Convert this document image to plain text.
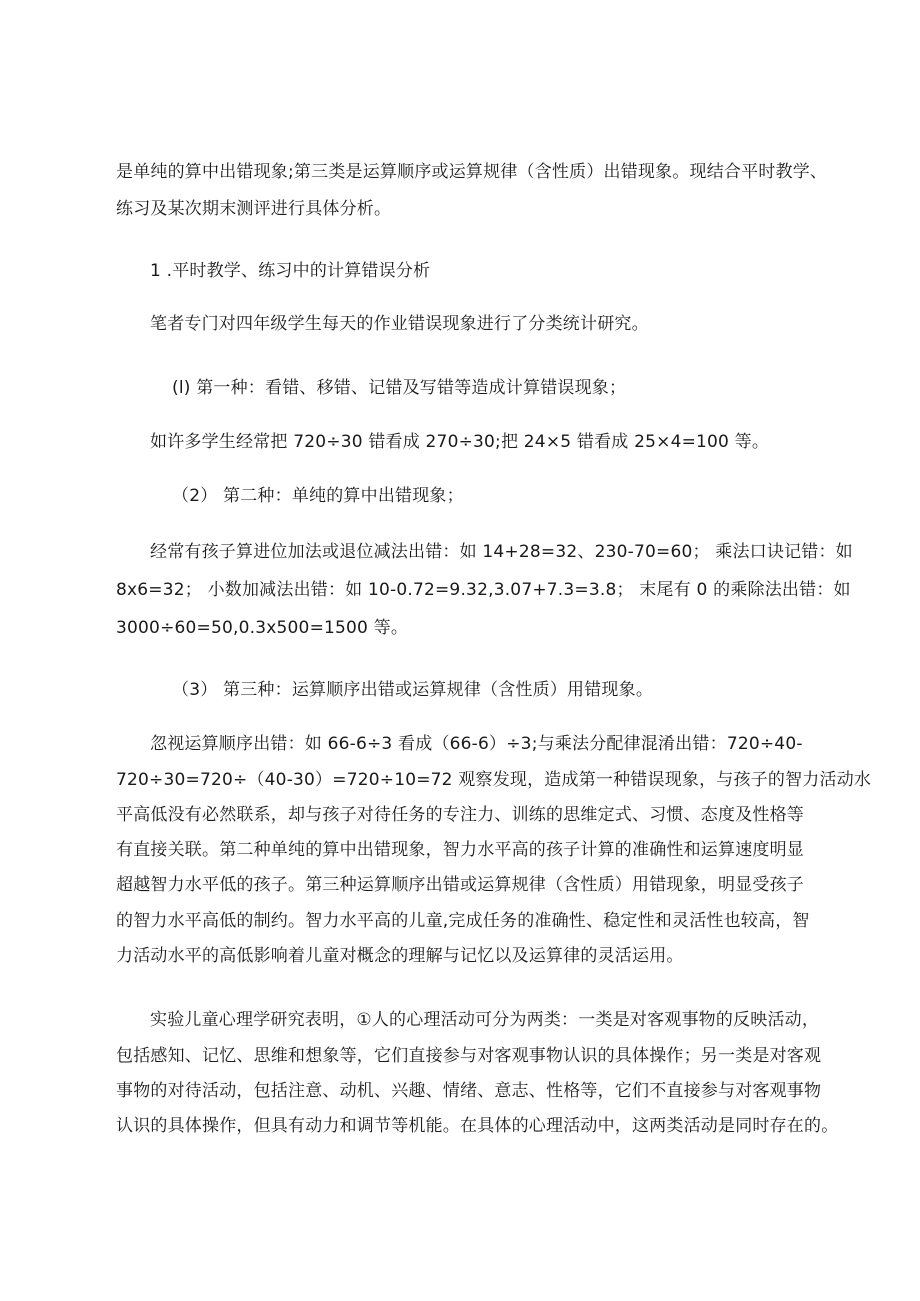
是单纯的算中出错现象;第三类是运算顺序或运算规律（含性质）出错现象。现结合平时教学、
练习及某次期末测评进行具体分析。
1 .平时教学、练习中的计算错误分析
笔者专门对四年级学生每天的作业错误现象进行了分类统计研究。
(l) 第一种：看错、移错、记错及写错等造成计算错误现象；
如许多学生经常把 720÷30 错看成 270÷30;把 24×5 错看成 25×4=100 等。
（2） 第二种：单纯的算中出错现象；
经常有孩子算进位加法或退位减法出错：如 14+28=32、230-70=60； 乘法口诀记错：如
8x6=32； 小数加减法出错：如 10-0.72=9.32,3.07+7.3=3.8； 末尾有 0 的乘除法出错：如
3000÷60=50,0.3x500=1500 等。
（3） 第三种：运算顺序出错或运算规律（含性质）用错现象。
忽视运算顺序出错：如 66-6÷3 看成（66-6）÷3;与乘法分配律混淆出错：720÷40-
720÷30=720÷（40-30）=720÷10=72 观察发现，造成第一种错误现象，与孩子的智力活动水
平高低没有必然联系，却与孩子对待任务的专注力、训练的思维定式、习惯、态度及性格等
有直接关联。第二种单纯的算中出错现象，智力水平高的孩子计算的准确性和运算速度明显
超越智力水平低的孩子。第三种运算顺序出错或运算规律（含性质）用错现象，明显受孩子
的智力水平高低的制约。智力水平高的儿童,完成任务的准确性、稳定性和灵活性也较高，智
力活动水平的高低影响着儿童对概念的理解与记忆以及运算律的灵活运用。
实验儿童心理学研究表明，①人的心理活动可分为两类：一类是对客观事物的反映活动，
包括感知、记忆、思维和想象等，它们直接参与对客观事物认识的具体操作；另一类是对客观
事物的对待活动，包括注意、动机、兴趣、情绪、意志、性格等，它们不直接参与对客观事物
认识的具体操作，但具有动力和调节等机能。在具体的心理活动中，这两类活动是同时存在的。
